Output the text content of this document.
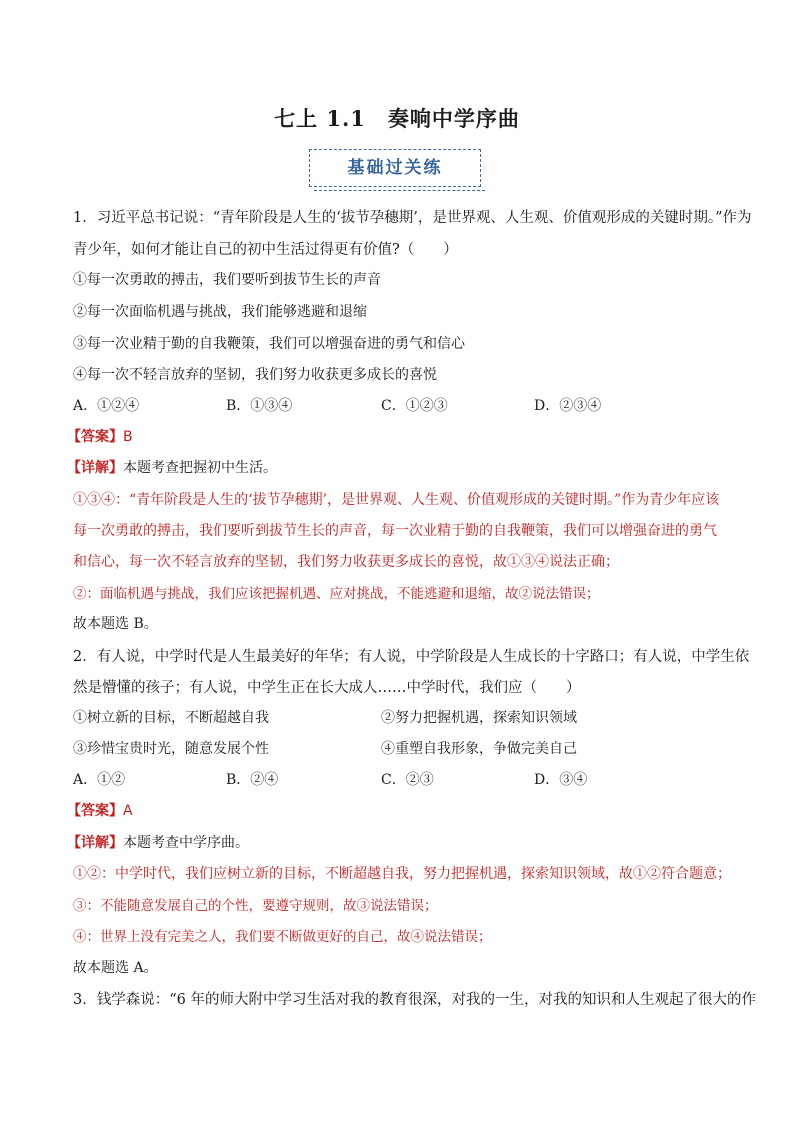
七上 1.1　奏响中学序曲
基础过关练
1．习近平总书记说：“青年阶段是人生的‘拔节孕穗期’，是世界观、人生观、价值观形成的关键时期。”作为
青少年，如何才能让自己的初中生活过得更有价值?（　　）
①每一次勇敢的搏击，我们要听到拔节生长的声音
②每一次面临机遇与挑战，我们能够逃避和退缩
③每一次业精于勤的自我鞭策，我们可以增强奋进的勇气和信心
④每一次不轻言放弃的坚韧，我们努力收获更多成长的喜悦
A．①②④	B．①③④	C．①②③	D．②③④
【答案】B
【详解】本题考查把握初中生活。
①③④：“青年阶段是人生的‘拔节孕穗期’，是世界观、人生观、价值观形成的关键时期。”作为青少年应该
每一次勇敢的搏击，我们要听到拔节生长的声音，每一次业精于勤的自我鞭策，我们可以增强奋进的勇气
和信心，每一次不轻言放弃的坚韧，我们努力收获更多成长的喜悦，故①③④说法正确；
②：面临机遇与挑战，我们应该把握机遇、应对挑战，不能逃避和退缩，故②说法错误；
故本题选 B。
2．有人说，中学时代是人生最美好的年华；有人说，中学阶段是人生成长的十字路口；有人说，中学生依
然是懵懂的孩子；有人说，中学生正在长大成人……中学时代，我们应（　　）
①树立新的目标，不断超越自我	②努力把握机遇，探索知识领域
③珍惜宝贵时光，随意发展个性	④重塑自我形象，争做完美自己
A．①②	B．②④	C．②③	D．③④
【答案】A
【详解】本题考查中学序曲。
①②：中学时代，我们应树立新的目标，不断超越自我，努力把握机遇，探索知识领域，故①②符合题意；
③：不能随意发展自己的个性，要遵守规则，故③说法错误；
④：世界上没有完美之人，我们要不断做更好的自己，故④说法错误；
故本题选 A。
3．钱学森说：“6 年的师大附中学习生活对我的教育很深，对我的一生，对我的知识和人生观起了很大的作
